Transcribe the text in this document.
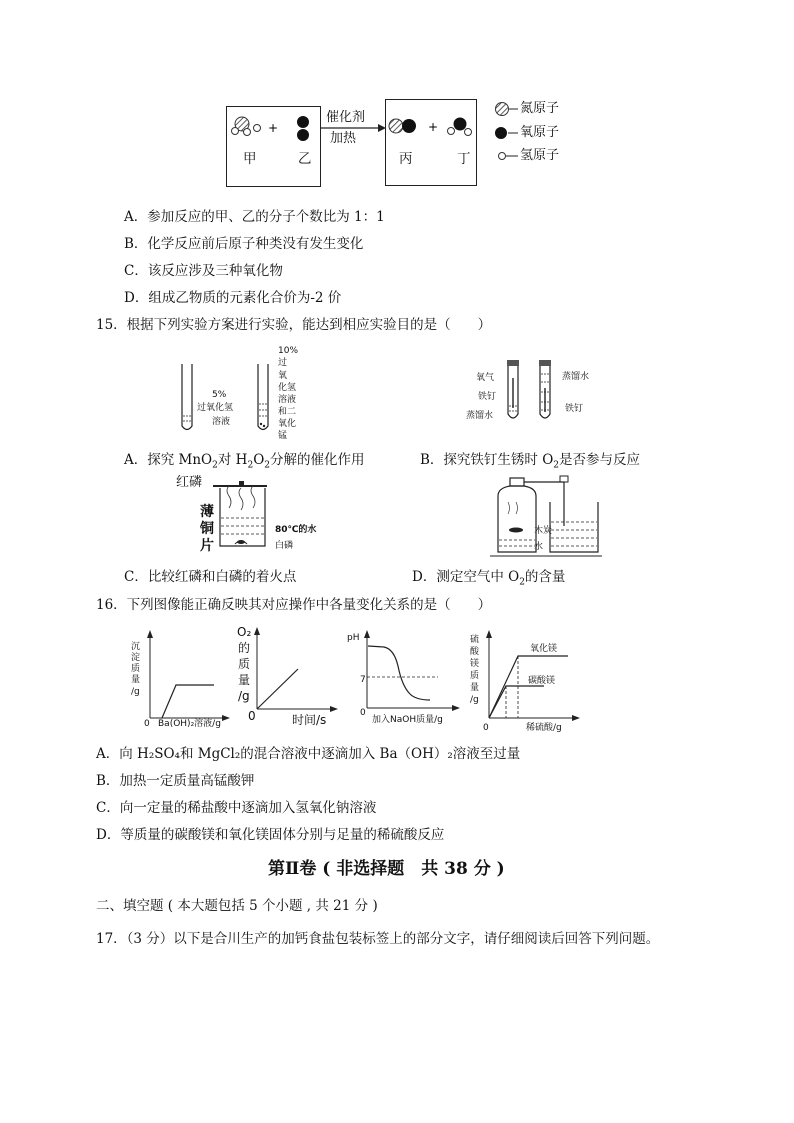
+	+
甲	乙	丙	丁
催化剂
加热
氮原子
氧原子
氢原子
A．参加反应的甲、乙的分子个数比为 1：1
B．化学反应前后原子种类没有发生变化
C．该反应涉及三种氧化物
D．组成乙物质的元素化合价为-2 价
15．根据下列实验方案进行实验，能达到相应实验目的是（　　）
5%
过氧化氢
溶液
10%
过
氧
化氢
溶液
和二
氧化
锰
氧气
铁钉
蒸馏水
蒸馏水
铁钉
A．探究 MnO$_2$对 $H_2O_2$分解的催化作用	B．探究铁钉生锈时 $O_2$是否参与反应
红磷
薄
铜
片
80℃的水
白磷
木炭
水
C．比较红磷和白磷的着火点	D．测定空气中 $O_2$的含量
16．下列图像能正确反映其对应操作中各量变化关系的是（　　）
沉
淀
质
量
/g
0 Ba(OH)₂溶液/g
O₂
的
质
量
/g
0	时间/s
pH
7
0
加入NaOH质量/g
硫
酸
镁
质
量
/g
氧化镁
碳酸镁
0	稀硫酸/g
A．向 H₂SO₄和 MgCl₂的混合溶液中逐滴加入 Ba（OH）₂溶液至过量
B．加热一定质量高锰酸钾
C．向一定量的稀盐酸中逐滴加入氢氧化钠溶液
D．等质量的碳酸镁和氧化镁固体分别与足量的稀硫酸反应
第Ⅱ卷 ( 非选择题　共 38 分 )
二、填空题 ( 本大题包括 5 个小题 , 共 21 分 )
17．（3 分）以下是合川生产的加钙食盐包装标签上的部分文字，请仔细阅读后回答下列问题。
